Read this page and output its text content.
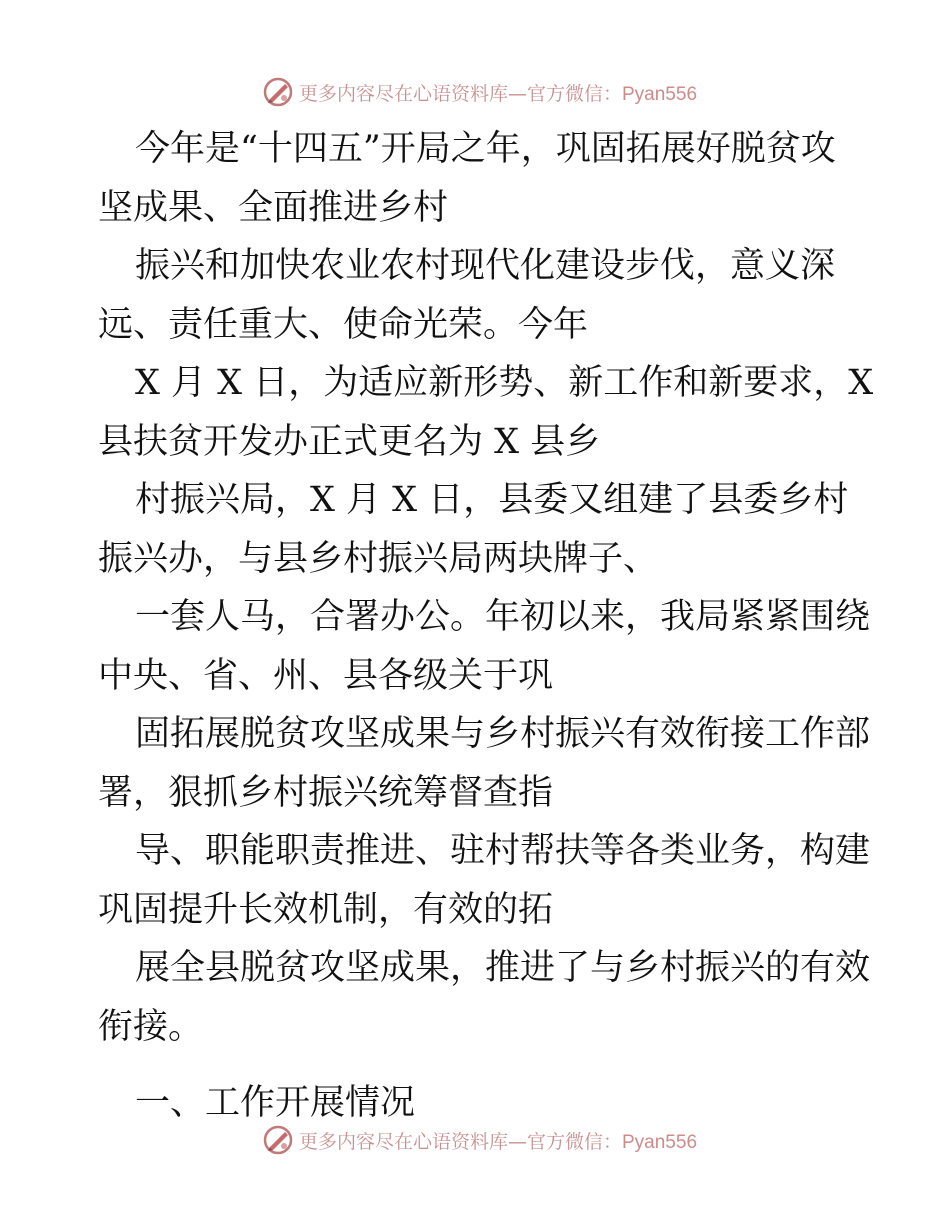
更多内容尽在心语资料库—官方微信：Pyan556
今年是“十四五”开局之年，巩固拓展好脱贫攻
坚成果、全面推进乡村
振兴和加快农业农村现代化建设步伐，意义深
远、责任重大、使命光荣。今年
X 月 X 日，为适应新形势、新工作和新要求，X
县扶贫开发办正式更名为 X 县乡
村振兴局，X 月 X 日，县委又组建了县委乡村
振兴办，与县乡村振兴局两块牌子、
一套人马，合署办公。年初以来，我局紧紧围绕
中央、省、州、县各级关于巩
固拓展脱贫攻坚成果与乡村振兴有效衔接工作部
署，狠抓乡村振兴统筹督查指
导、职能职责推进、驻村帮扶等各类业务，构建
巩固提升长效机制，有效的拓
展全县脱贫攻坚成果，推进了与乡村振兴的有效
衔接。
一、工作开展情况
更多内容尽在心语资料库—官方微信：Pyan556
